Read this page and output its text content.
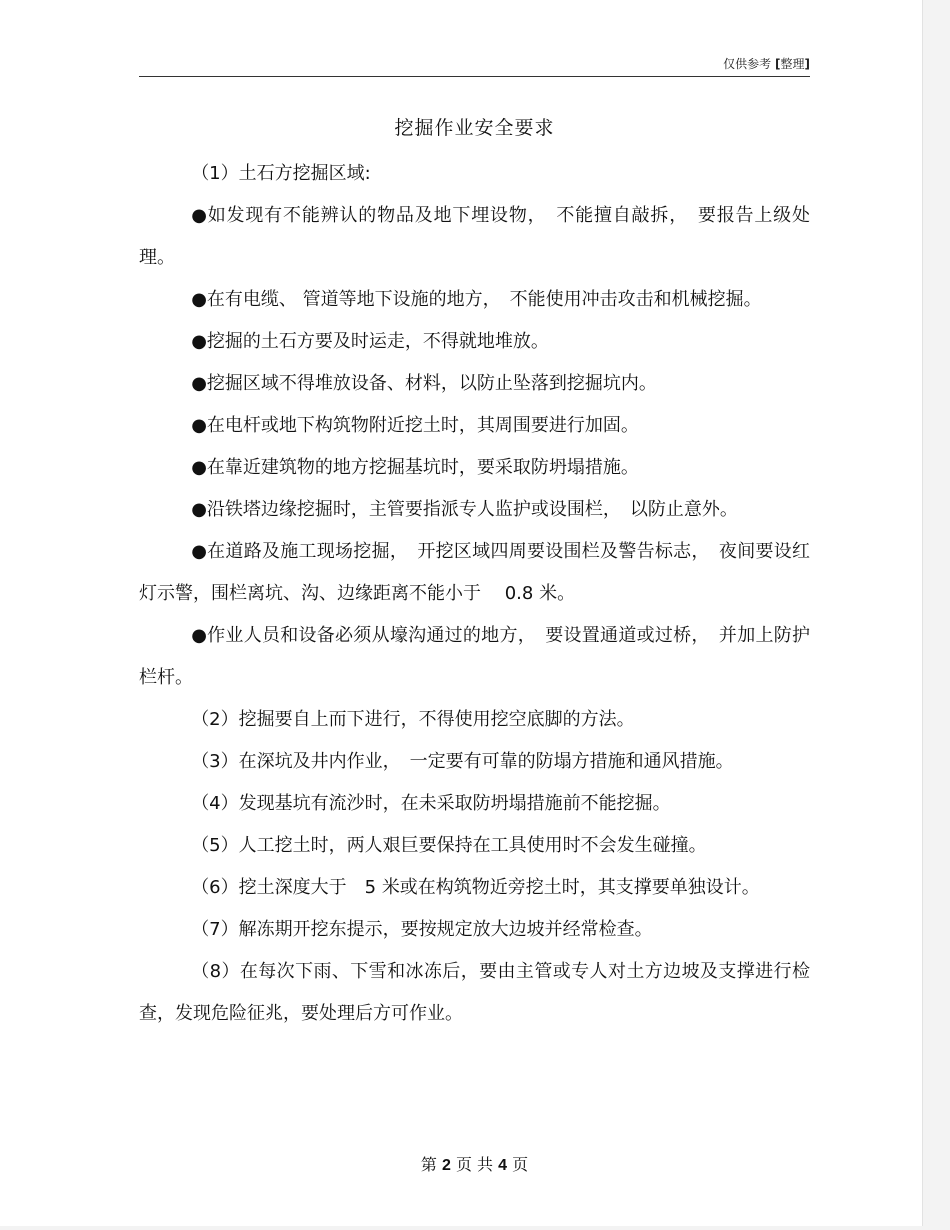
仅供参考 [整理]
挖掘作业安全要求

（1）土石方挖掘区域:

●如发现有不能辨认的物品及地下埋设物，　不能擅自敲拆，　要报告上级处理。

●在有电缆、 管道等地下设施的地方，　不能使用冲击攻击和机械挖掘。

●挖掘的土石方要及时运走，不得就地堆放。

●挖掘区域不得堆放设备、材料，以防止坠落到挖掘坑内。

●在电杆或地下构筑物附近挖土时，其周围要进行加固。

●在靠近建筑物的地方挖掘基坑时，要采取防坍塌措施。

●沿铁塔边缘挖掘时，主管要指派专人监护或设围栏，　以防止意外。

●在道路及施工现场挖掘，　开挖区域四周要设围栏及警告标志，　夜间要设红灯示警，围栏离坑、沟、边缘距离不能小于　 0.8 米。

●作业人员和设备必须从壕沟通过的地方，　要设置通道或过桥，　并加上防护栏杆。

（2）挖掘要自上而下进行，不得使用挖空底脚的方法。

（3）在深坑及井内作业，　一定要有可靠的防塌方措施和通风措施。

（4）发现基坑有流沙时，在未采取防坍塌措施前不能挖掘。

（5）人工挖土时，两人艰巨要保持在工具使用时不会发生碰撞。

（6）挖土深度大于　5 米或在构筑物近旁挖土时，其支撑要单独设计。

（7）解冻期开挖东提示，要按规定放大边坡并经常检查。

（8）在每次下雨、下雪和冰冻后，要由主管或专人对土方边坡及支撑进行检查，发现危险征兆，要处理后方可作业。

第 2 页 共 4 页
